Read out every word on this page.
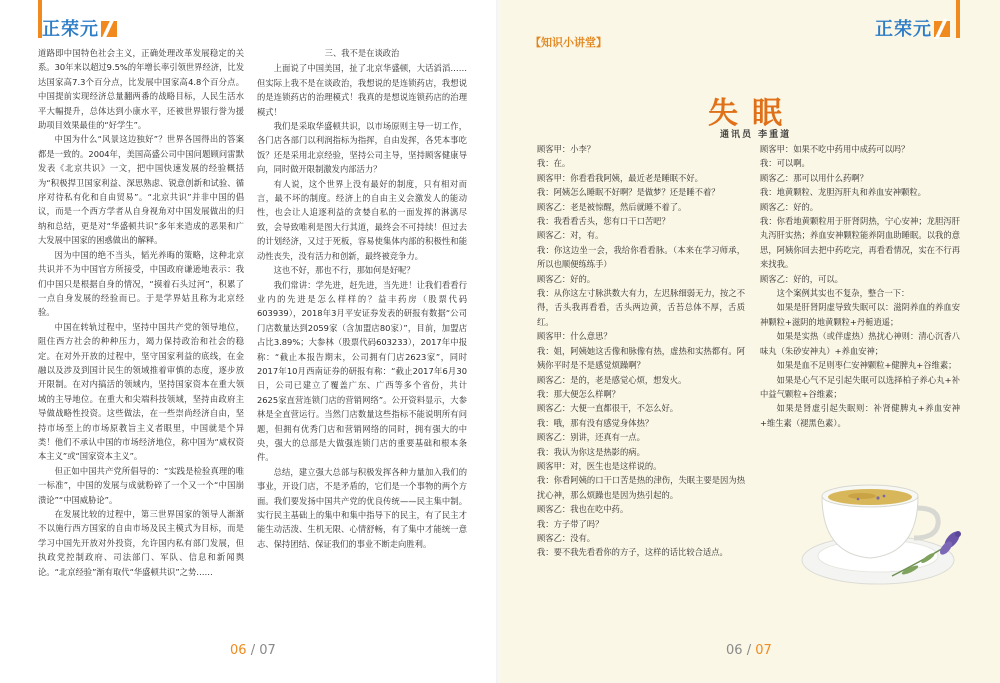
正荣元

道路即中国特色社会主义，正确处理改革发展稳定的关系。30年来以超过9.5%的年增长率引领世界经济，比发达国家高7.3个百分点，比发展中国家高4.8个百分点。中国提前实现经济总量翻两番的战略目标，人民生活水平大幅提升，总体达到小康水平，还被世界银行誉为援助项目效果最佳的“好学生”。

中国为什么“风景这边独好”？世界各国得出的答案都是一致的。2004年，美国高盛公司中国问题顾问雷默发表《北京共识》一文，把中国快速发展的经验概括为“积极捍卫国家利益、深思熟虑、锐意创新和试验、循序对待私有化和自由贸易”。“北京共识”并非中国的倡议，而是一个西方学者从自身视角对中国发展做出的归纳和总结，更是对“华盛顿共识”多年来造成的恶果和广大发展中国家的困惑做出的解释。

因为中国的绝不当头，韬光养晦的策略，这种北京共识并不为中国官方所接受，中国政府谦逊地表示：我们中国只是根据自身的情况，“摸着石头过河”，积累了一点自身发展的经验而已。于是学界姑且称为北京经验。

中国在转轨过程中，坚持中国共产党的领导地位，阻住西方社会的种种压力，竭力保持政治和社会的稳定。在对外开放的过程中，坚守国家利益的底线，在金融以及涉及到国计民生的领域推着审慎的态度，逐步放开限制。在对内搞活的领域内，坚持国家资本在重大领域的主导地位。在重大和尖端科技领域，坚持由政府主导做战略性投资。这些做法，在一些崇尚经济自由，坚持市场至上的市场原教旨主义者眼里，中国就是个异类！他们不承认中国的市场经济地位，称中国为“威权资本主义”或“国家资本主义”。

但正如中国共产党所倡导的：“实践是检验真理的唯一标准”，中国的发展与成就粉碎了一个又一个“中国崩溃论”“中国威胁论”。

在发展比较的过程中，第三世界国家的领导人渐渐不以施行西方国家的自由市场及民主模式为目标，而是学习中国先开放对外投资，允许国内私有部门发展，但执政党控制政府、司法部门、军队、信息和新闻舆论。“北京经验”渐有取代“华盛顿共识”之势……

三、我不是在谈政治

上面说了中国美国，扯了北京华盛顿，大话滔滔……但实际上我不是在谈政治，我想说的是连锁药店，我想说的是连锁药店的治理模式！我真的是想说连锁药店的治理模式！

我们是采取华盛顿共识，以市场原则主导一切工作，各门店各部门以利润指标为指挥，自由发挥，各凭本事吃饭？还是采用北京经验，坚持公司主导，坚持顾客健康导向，同时做开限制激发内部活力？

有人说，这个世界上没有最好的制度，只有相对而言，最不坏的制度。经济上的自由主义会激发人的能动性，也会让人追逐利益的贪婪自私的一面发挥的淋漓尽致，会导致唯利是图大行其道，最终会不可持续！但过去的计划经济，又过于死板，容易使集体内部的积极性和能动性丧失，没有活力和创新，最终被竞争力。

这也不好，那也不行，那如何是好呢？

我们常讲：学先进，赶先进，当先进！让我们看看行业内的先进是怎么样样的？益丰药房（股票代码603939），2018年3月平安证券发表的研报有数据“公司门店数量达到2059家（含加盟店80家）”，目前，加盟店占比3.89%；大参林（股票代码603233），2017年中报称：“截止本报告期末，公司拥有门店2623家”，同时2017年10月西南证券的研报有称：“截止2017年6月30日，公司已建立了覆盖广东、广西等多个省份，共计2625家直营连锁门店的营销网络”。公开资料显示，大参林是全直营运行。当然门店数量这些指标不能说明所有问题，但拥有优秀门店和营销网络的同时，拥有强大的中央，强大的总部是大做强连锁门店的重要基础和根本条件。

总结，建立强大总部与积极发挥各种力量加入我们的事业，开设门店，不是矛盾的，它们是一个事物的两个方面。我们要发扬中国共产党的优良传统——民主集中制。实行民主基础上的集中和集中指导下的民主，有了民主才能生动活泼、生机无限、心情舒畅，有了集中才能统一意志、保持团结、保证我们的事业不断走向胜利。

06 / 07
正荣元
【知识小讲堂】
失眠
通讯员 李重道

顾客甲：小李？

我：在。

顾客甲：你看看我阿姨，最近老是睡眠不好。

我：阿姨怎么睡眠不好啊？是做梦？还是睡不着？

顾客乙：老是被惊醒，然后就睡不着了。

我：我看看舌头，您有口干口苦吧？

顾客乙：对，有。

我：你这边坐一会，我给你看看脉。（本来在学习师承，所以也顺便练练手）

顾客乙：好的。

我：从你这左寸脉洪数大有力，左迟脉细弱无力，按之不得，舌头我再看看，舌头两边黄，舌苔总体不厚，舌质红。

顾客甲：什么意思？

我：姐，阿姨她这舌像和脉像有热，虚热和实热都有。阿姨你平时是不是感觉烦躁啊？

顾客乙：是的，老是感觉心烦，想发火。

我：那大便怎么样啊？

顾客乙：大便一直都很干，不怎么好。

我：哦，那有没有感觉身体热？

顾客乙：别讲，还真有一点。

我：我认为你这是热影的病。

顾客甲：对，医生也是这样说的。

我：你看阿姨的口干口苦是热的津伤，失眠主要是因为热扰心神，那么烦躁也是因为热引起的。

顾客乙：我也在吃中药。

我：方子带了吗？

顾客乙：没有。

我：要不我先看看你的方子，这样的话比较合适点。

顾客甲：如果不吃中药用中成药可以吗？

我：可以啊。

顾客乙：那可以用什么药啊？

我：地黄颗粒、龙胆泻肝丸和养血安神颗粒。

顾客乙：好的。

我：你看地黄颗粒用于肝肾阴热，宁心安神；龙胆泻肝丸泻肝实热；养血安神颗粒能养阴血助睡眠。以我的意思，阿姨你回去把中药吃完，再看看情况，实在不行再来找我。

顾客乙：好的，可以。

这个案例其实也不复杂，整合一下：

如果是肝肾阴虚导致失眠可以：滋阴养血的养血安神颗粒+滋阴的地黄颗粒+丹栀逍遥；

如果是实热（或伴虚热）热扰心神则：清心沉香八味丸（朱砂安神丸）+养血安神；

如果是血不足则枣仁安神颗粒+健脾丸+谷维素；

如果是心气不足引起失眠可以选择柏子养心丸+补中益气颗粒+谷维素；

如果是肾虚引起失眠则：补肾健脾丸+养血安神+维生素（褪黑色素）。

06 / 07
